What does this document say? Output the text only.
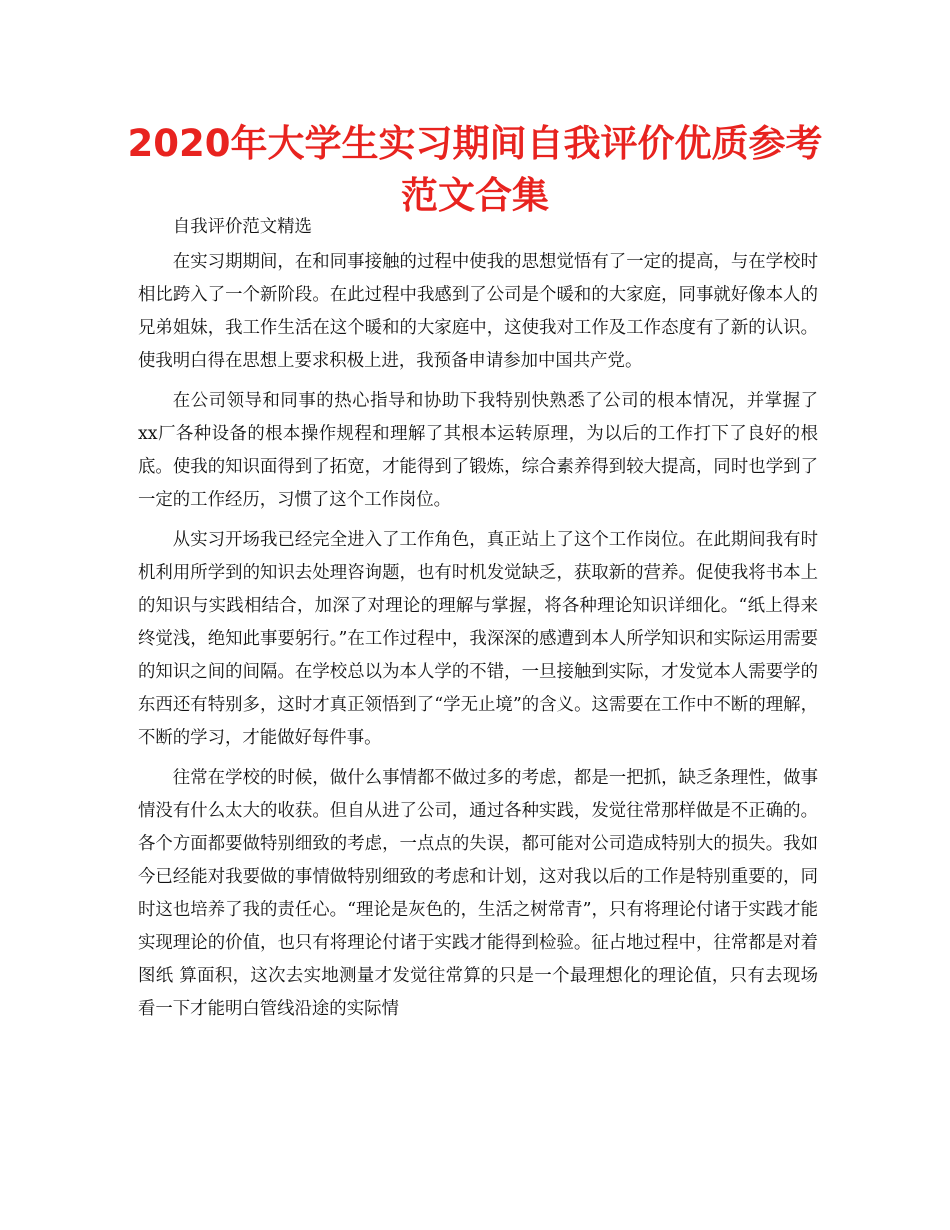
2020年大学生实习期间自我评价优质参考范文合集

自我评价范文精选

在实习期期间，在和同事接触的过程中使我的思想觉悟有了一定的提高，与在学校时相比跨入了一个新阶段。在此过程中我感到了公司是个暖和的大家庭，同事就好像本人的兄弟姐妹，我工作生活在这个暖和的大家庭中，这使我对工作及工作态度有了新的认识。使我明白得在思想上要求积极上进，我预备申请参加中国共产党。

在公司领导和同事的热心指导和协助下我特别快熟悉了公司的根本情况，并掌握了xx厂各种设备的根本操作规程和理解了其根本运转原理，为以后的工作打下了良好的根底。使我的知识面得到了拓宽，才能得到了锻炼，综合素养得到较大提高，同时也学到了一定的工作经历，习惯了这个工作岗位。

从实习开场我已经完全进入了工作角色，真正站上了这个工作岗位。在此期间我有时机利用所学到的知识去处理咨询题，也有时机发觉缺乏，获取新的营养。促使我将书本上的知识与实践相结合，加深了对理论的理解与掌握，将各种理论知识详细化。“纸上得来终觉浅，绝知此事要躬行。”在工作过程中，我深深的感遭到本人所学知识和实际运用需要的知识之间的间隔。在学校总以为本人学的不错，一旦接触到实际，才发觉本人需要学的东西还有特别多，这时才真正领悟到了“学无止境”的含义。这需要在工作中不断的理解，不断的学习，才能做好每件事。

往常在学校的时候，做什么事情都不做过多的考虑，都是一把抓，缺乏条理性，做事情没有什么太大的收获。但自从进了公司，通过各种实践，发觉往常那样做是不正确的。各个方面都要做特别细致的考虑，一点点的失误，都可能对公司造成特别大的损失。我如今已经能对我要做的事情做特别细致的考虑和计划，这对我以后的工作是特别重要的，同时这也培养了我的责任心。“理论是灰色的，生活之树常青”，只有将理论付诸于实践才能实现理论的价值，也只有将理论付诸于实践才能得到检验。征占地过程中，往常都是对着图纸 算面积，这次去实地测量才发觉往常算的只是一个最理想化的理论值，只有去现场看一下才能明白管线沿途的实际情
